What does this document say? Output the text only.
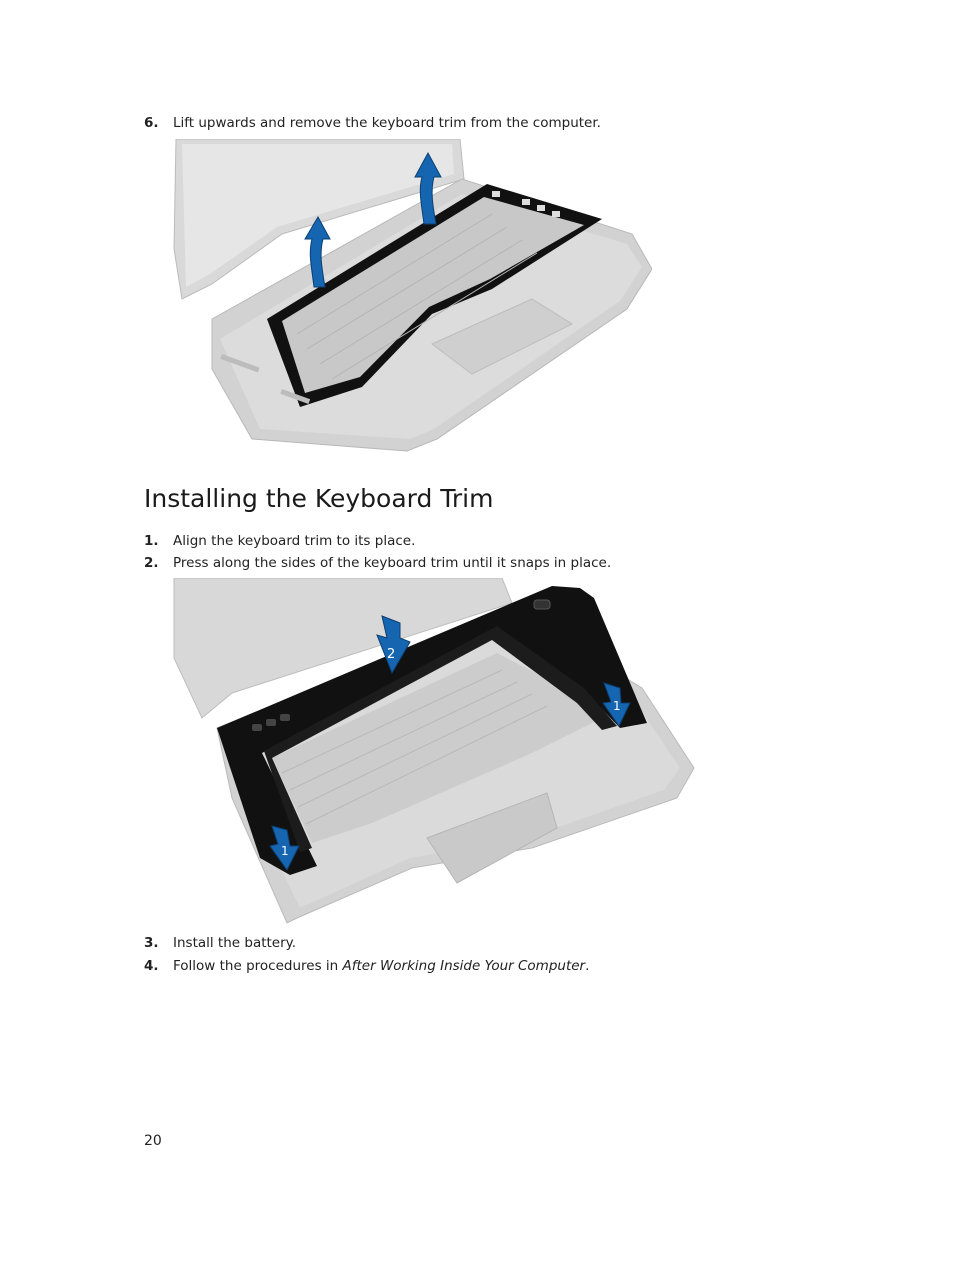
6. Lift upwards and remove the keyboard trim from the computer.
Installing the Keyboard Trim
1. Align the keyboard trim to its place.
2. Press along the sides of the keyboard trim until it snaps in place.
2
1
1
3. Install the battery.
4. Follow the procedures in After Working Inside Your Computer.
20
